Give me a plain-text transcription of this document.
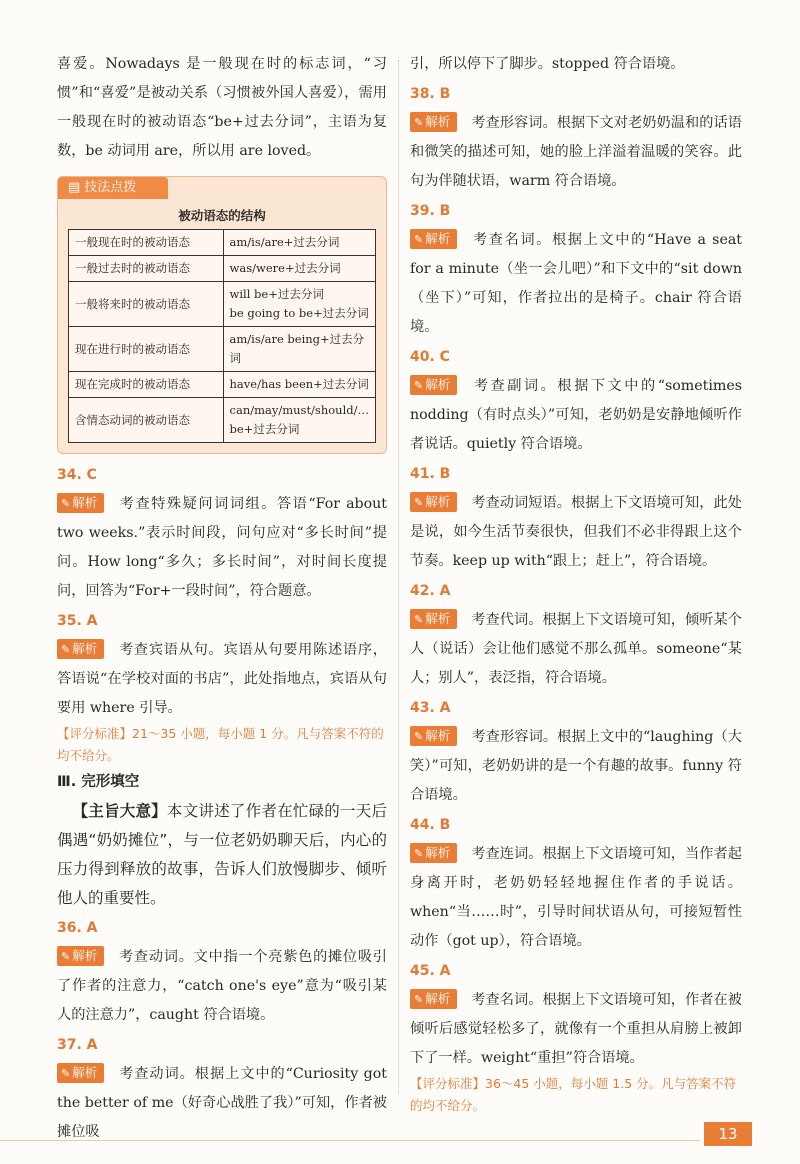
喜爱。Nowadays 是一般现在时的标志词，“习惯”和“喜爱”是被动关系（习惯被外国人喜爱），需用一般现在时的被动语态“be+过去分词”，主语为复数，be 动词用 are，所以用 are loved。

▤ 技法点拨
被动语态的结构
一般现在时的被动语态	am/is/are+过去分词
一般过去时的被动语态	was/were+过去分词
一般将来时的被动语态	will be+过去分词
be going to be+过去分词
现在进行时的被动语态	am/is/are being+过去分词
现在完成时的被动语态	have/has been+过去分词
含情态动词的被动语态	can/may/must/should/… be+过去分词

34. C

✎ 解析 考查特殊疑问词词组。答语“For about two weeks.”表示时间段，问句应对“多长时间”提问。How long“多久；多长时间”，对时间长度提问，回答为“For+一段时间”，符合题意。

35. A

✎ 解析 考查宾语从句。宾语从句要用陈述语序，答语说“在学校对面的书店”，此处指地点，宾语从句要用 where 引导。

【评分标准】21～35 小题，每小题 1 分。凡与答案不符的均不给分。

Ⅲ. 完形填空

【主旨大意】本文讲述了作者在忙碌的一天后偶遇“奶奶摊位”，与一位老奶奶聊天后，内心的压力得到释放的故事，告诉人们放慢脚步、倾听他人的重要性。

36. A

✎ 解析 考查动词。文中指一个亮紫色的摊位吸引了作者的注意力，“catch one's eye”意为“吸引某人的注意力”，caught 符合语境。

37. A

✎ 解析 考查动词。根据上文中的“Curiosity got the better of me（好奇心战胜了我）”可知，作者被摊位吸

引，所以停下了脚步。stopped 符合语境。

38. B

✎ 解析 考查形容词。根据下文对老奶奶温和的话语和微笑的描述可知，她的脸上洋溢着温暖的笑容。此句为伴随状语，warm 符合语境。

39. B

✎ 解析 考查名词。根据上文中的“Have a seat for a minute（坐一会儿吧）”和下文中的“sit down（坐下）”可知，作者拉出的是椅子。chair 符合语境。

40. C

✎ 解析 考查副词。根据下文中的“sometimes nodding（有时点头）”可知，老奶奶是安静地倾听作者说话。quietly 符合语境。

41. B

✎ 解析 考查动词短语。根据上下文语境可知，此处是说，如今生活节奏很快，但我们不必非得跟上这个节奏。keep up with“跟上；赶上”，符合语境。

42. A

✎ 解析 考查代词。根据上下文语境可知，倾听某个人（说话）会让他们感觉不那么孤单。someone“某人；别人”，表泛指，符合语境。

43. A

✎ 解析 考查形容词。根据上文中的“laughing（大笑）”可知，老奶奶讲的是一个有趣的故事。funny 符合语境。

44. B

✎ 解析 考查连词。根据上下文语境可知，当作者起身离开时，老奶奶轻轻地握住作者的手说话。when“当……时”，引导时间状语从句，可接短暂性动作（got up），符合语境。

45. A

✎ 解析 考查名词。根据上下文语境可知，作者在被倾听后感觉轻松多了，就像有一个重担从肩膀上被卸下了一样。weight“重担”符合语境。

【评分标准】36～45 小题，每小题 1.5 分。凡与答案不符的均不给分。

13
